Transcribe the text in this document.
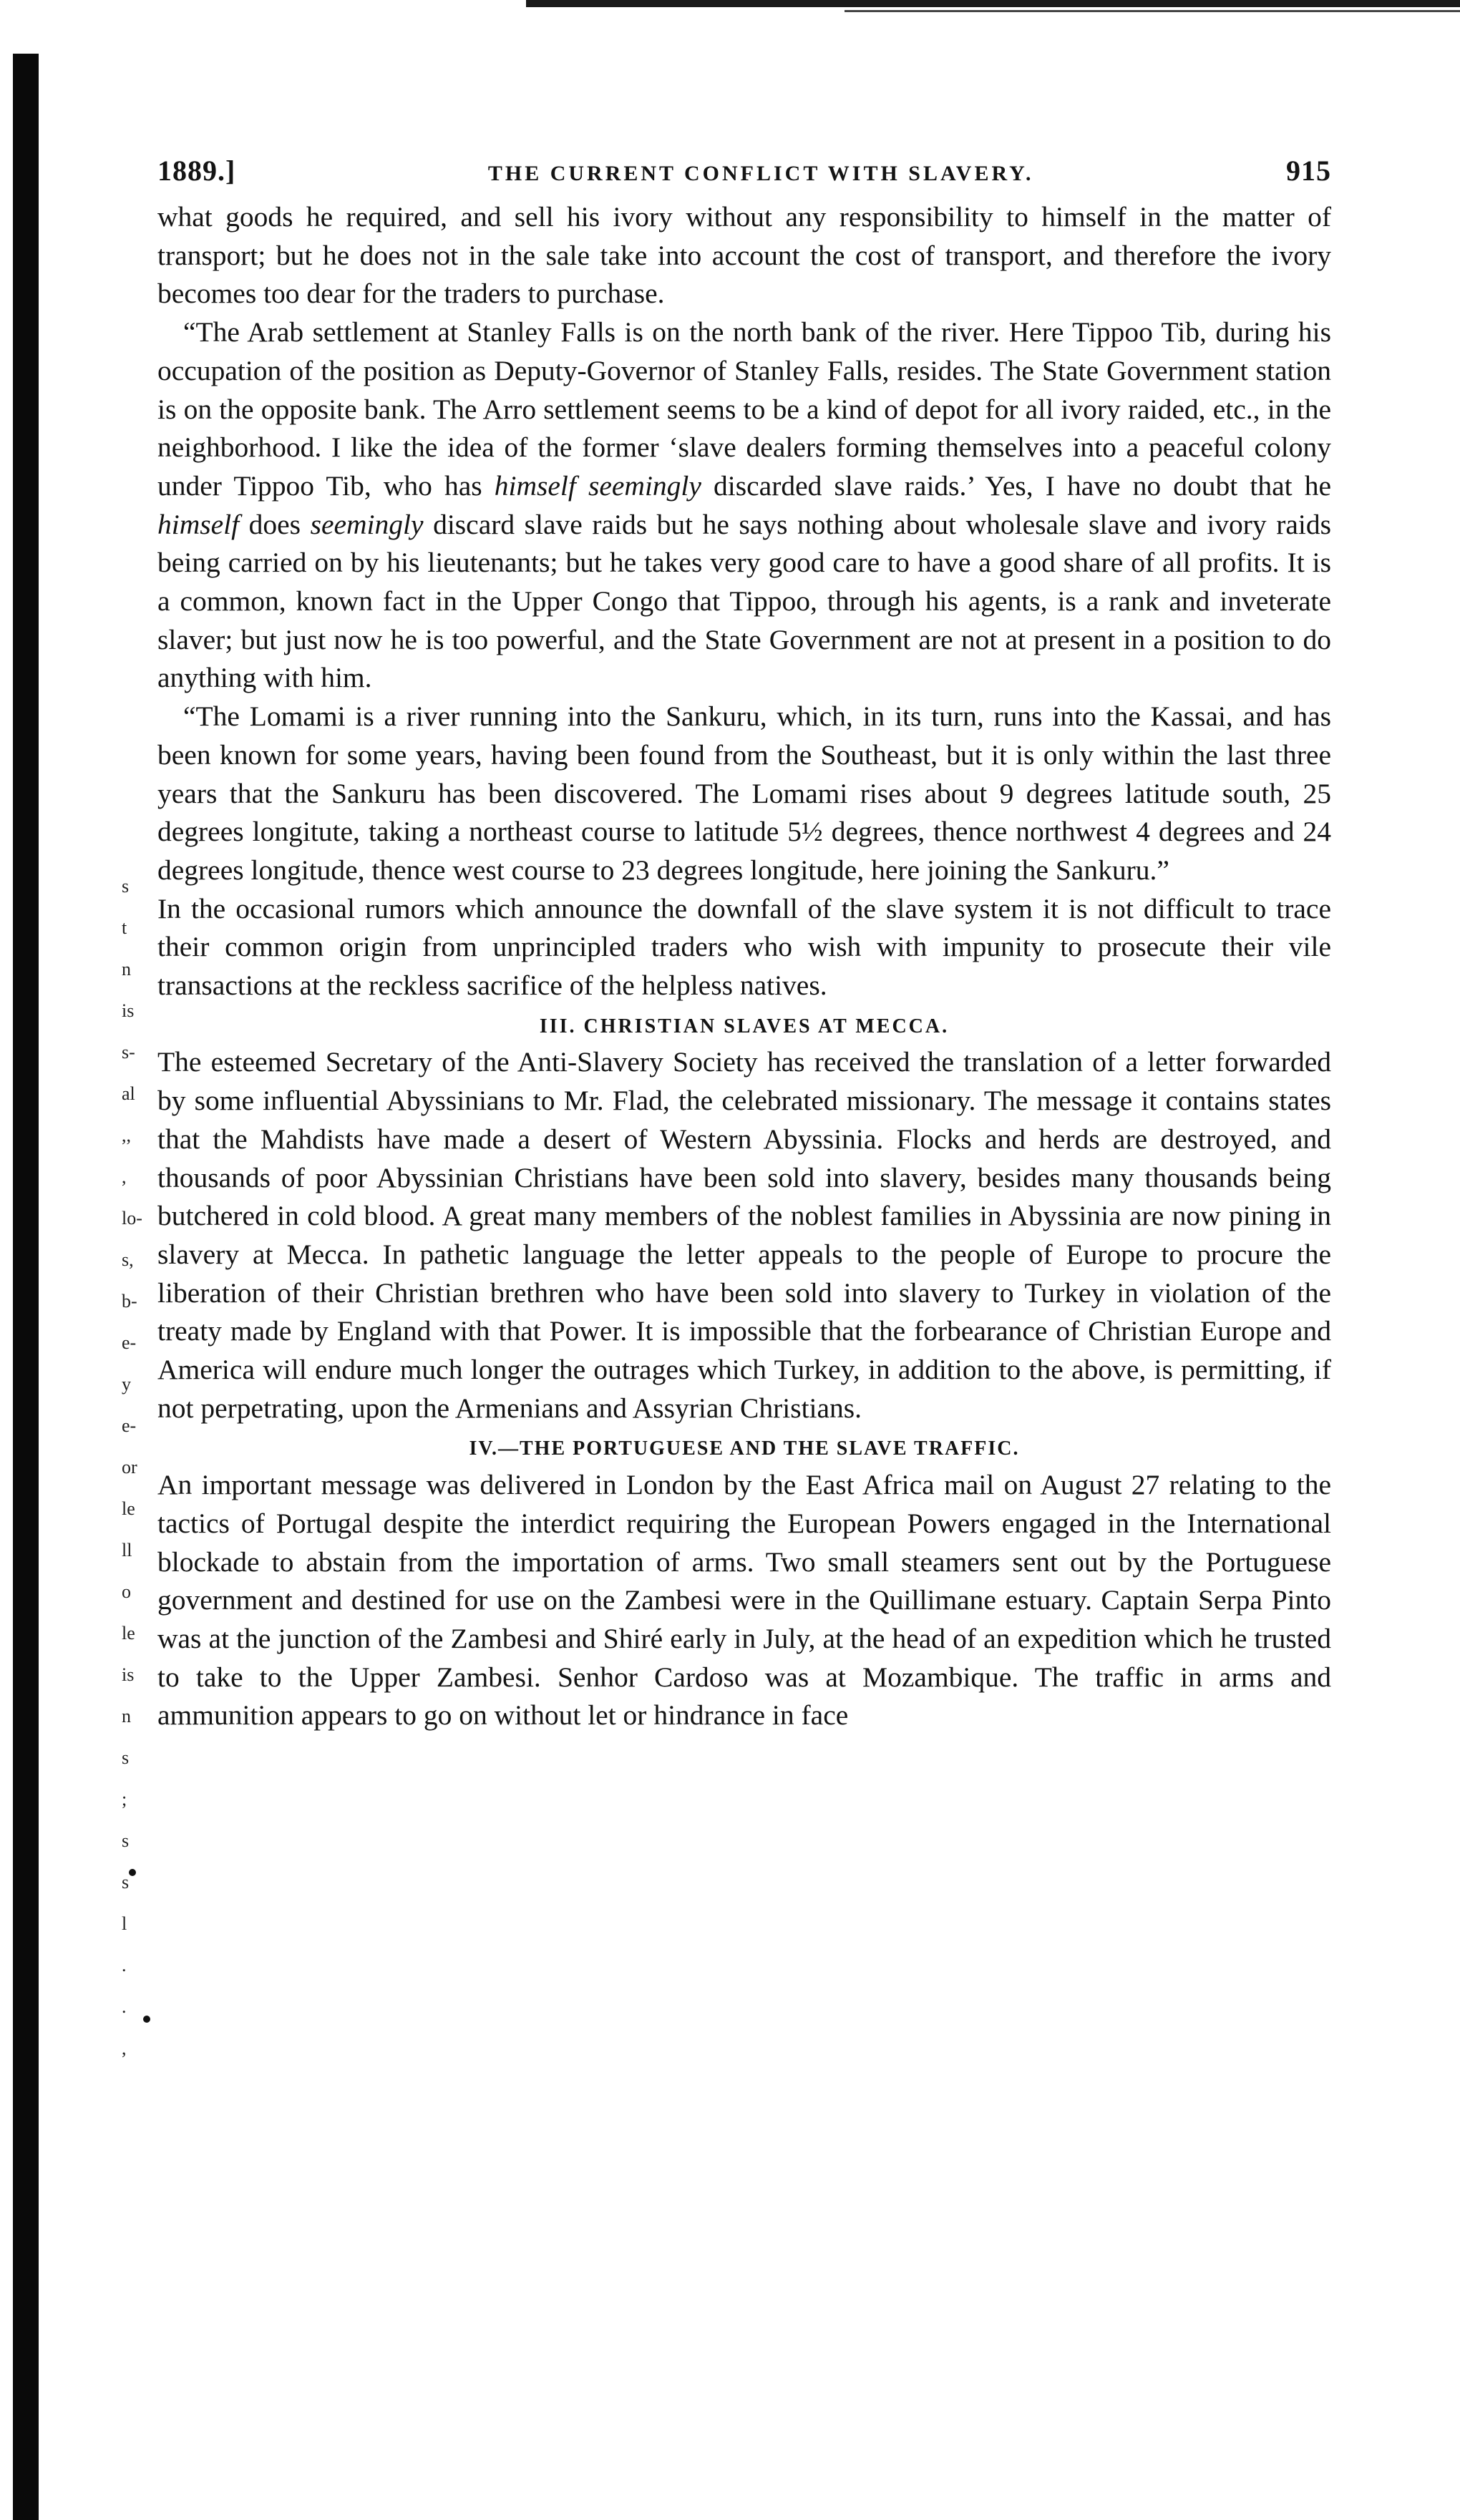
s
t
n
is
s-
al
,,
,
lo-
s,
b-
e-
y
e-
or
le
ll
o
le
is
n
s
;
s
s
l
.
.
,
1889.]	THE CURRENT CONFLICT WITH SLAVERY.	915

what goods he required, and sell his ivory without any responsibility to himself in the matter of transport; but he does not in the sale take into account the cost of transport, and therefore the ivory becomes too dear for the traders to purchase.

“The Arab settlement at Stanley Falls is on the north bank of the river. Here Tippoo Tib, during his occupation of the position as Deputy-Governor of Stanley Falls, resides. The State Government station is on the opposite bank. The Arro settlement seems to be a kind of depot for all ivory raided, etc., in the neighborhood. I like the idea of the former ‘slave dealers forming themselves into a peaceful colony under Tippoo Tib, who has himself seemingly discarded slave raids.’ Yes, I have no doubt that he himself does seemingly discard slave raids but he says nothing about wholesale slave and ivory raids being carried on by his lieutenants; but he takes very good care to have a good share of all profits. It is a common, known fact in the Upper Congo that Tippoo, through his agents, is a rank and inveterate slaver; but just now he is too powerful, and the State Government are not at present in a position to do anything with him.

“The Lomami is a river running into the Sankuru, which, in its turn, runs into the Kassai, and has been known for some years, having been found from the Southeast, but it is only within the last three years that the Sankuru has been discovered. The Lomami rises about 9 degrees latitude south, 25 degrees longitute, taking a northeast course to latitude 5½ degrees, thence northwest 4 degrees and 24 degrees longitude, thence west course to 23 degrees longitude, here joining the Sankuru.”

In the occasional rumors which announce the downfall of the slave system it is not difficult to trace their common origin from unprincipled traders who wish with impunity to prosecute their vile transactions at the reckless sacrifice of the helpless natives.

III. CHRISTIAN SLAVES AT MECCA.

The esteemed Secretary of the Anti-Slavery Society has received the translation of a letter forwarded by some influential Abyssinians to Mr. Flad, the celebrated missionary. The message it contains states that the Mahdists have made a desert of Western Abyssinia. Flocks and herds are destroyed, and thousands of poor Abyssinian Christians have been sold into slavery, besides many thousands being butchered in cold blood. A great many members of the noblest families in Abyssinia are now pining in slavery at Mecca. In pathetic language the letter appeals to the people of Europe to procure the liberation of their Christian brethren who have been sold into slavery to Turkey in violation of the treaty made by England with that Power. It is impossible that the forbearance of Christian Europe and America will endure much longer the outrages which Turkey, in addition to the above, is permitting, if not perpetrating, upon the Armenians and Assyrian Christians.

IV.—THE PORTUGUESE AND THE SLAVE TRAFFIC.

An important message was delivered in London by the East Africa mail on August 27 relating to the tactics of Portugal despite the interdict requiring the European Powers engaged in the International blockade to abstain from the importation of arms. Two small steamers sent out by the Portuguese government and destined for use on the Zambesi were in the Quillimane estuary. Captain Serpa Pinto was at the junction of the Zambesi and Shiré early in July, at the head of an expedition which he trusted to take to the Upper Zambesi. Senhor Cardoso was at Mozambique. The traffic in arms and ammunition appears to go on without let or hindrance in face
